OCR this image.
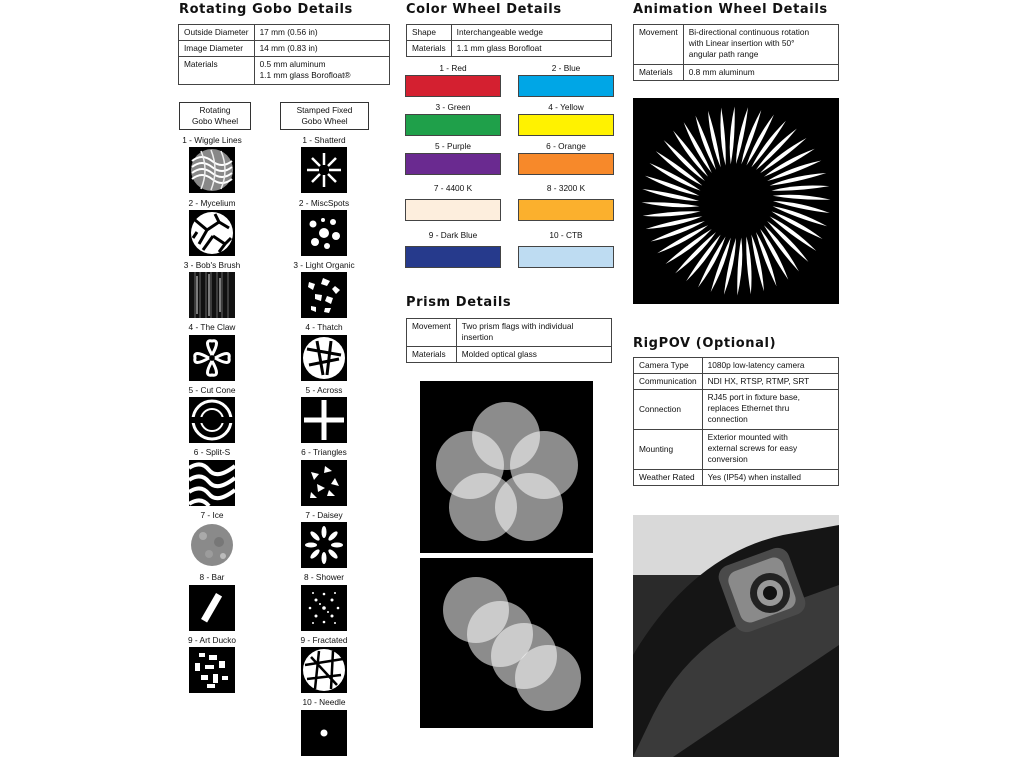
Rotating Gobo Details
Outside Diameter	17 mm (0.56 in)
Image Diameter	14 mm (0.83 in)
Materials	0.5 mm aluminum
1.1 mm glass Borofloat®
Rotating
Gobo Wheel
Stamped Fixed
Gobo Wheel
1 - Wiggle Lines
2 - Mycelium
3 - Bob's Brush
4 - The Claw
5 - Cut Cone
6 - Split-S
7 - Ice
8 - Bar
9 - Art Ducko
1 - Shatterd
2 - MiscSpots
3 - Light Organic
4 - Thatch
5 - Across
6 - Triangles
7 - Daisey
8 - Shower
9 - Fractated
10 - Needle
Color Wheel Details
Shape	Interchangeable wedge
Materials	1.1 mm glass Borofloat
1 - Red	2 - Blue
3 - Green	4 - Yellow
5 - Purple	6 - Orange
7 - 4400 K	8 - 3200 K
9 - Dark Blue	10 - CTB
Prism Details
Movement	Two prism flags with individual
insertion
Materials	Molded optical glass
Animation Wheel Details
Movement	Bi-directional continuous rotation
with Linear insertion with 50°
angular path range
Materials	0.8 mm aluminum
RigPOV (Optional)
Camera Type	1080p low-latency camera
Communication	NDI HX, RTSP, RTMP, SRT
Connection	RJ45 port in fixture base,
replaces Ethernet thru
connection
Mounting	Exterior mounted with
external screws for easy
conversion
Weather Rated	Yes (IP54) when installed
